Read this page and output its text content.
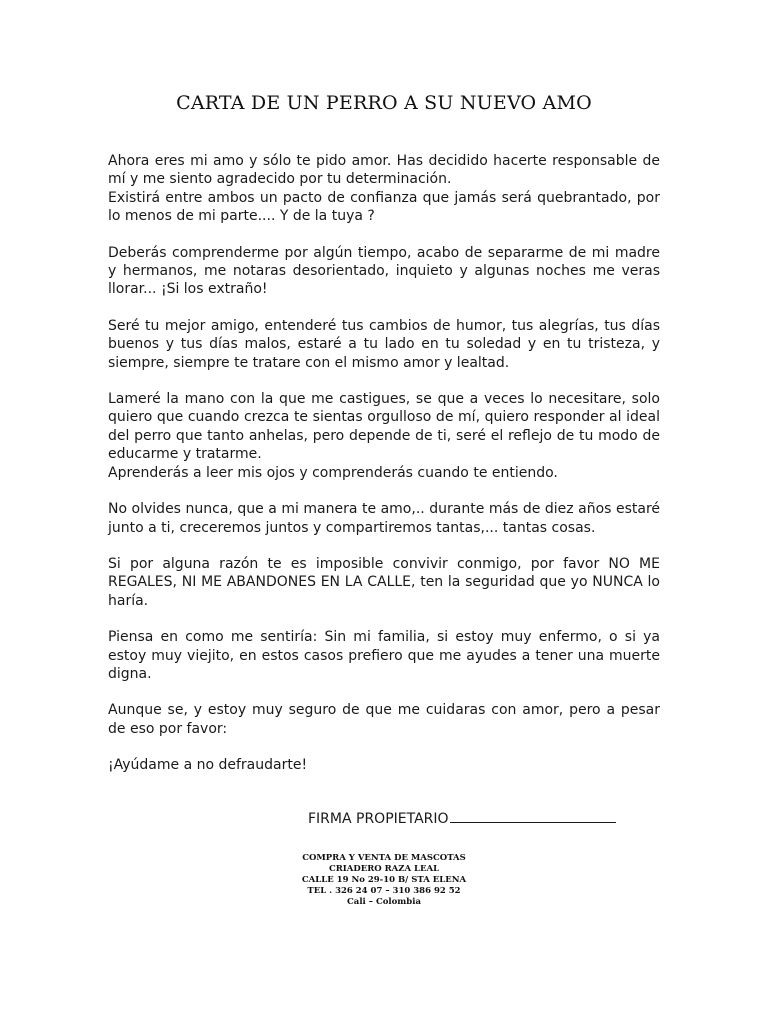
CARTA DE UN PERRO A SU NUEVO AMO

Ahora eres mi amo y sólo te pido amor. Has decidido hacerte responsable de mí y me siento agradecido por tu determinación.
Existirá entre ambos un pacto de confianza que jamás será quebrantado, por lo menos de mi parte.... Y de la tuya ?

Deberás comprenderme por algún tiempo, acabo de separarme de mi madre y hermanos, me notaras desorientado, inquieto y algunas noches me veras llorar... ¡Si los extraño!

Seré tu mejor amigo, entenderé tus cambios de humor, tus alegrías, tus días buenos y tus días malos, estaré a tu lado en tu soledad y en tu tristeza, y siempre, siempre te tratare con el mismo amor y lealtad.

Lameré la mano con la que me castigues, se que a veces lo necesitare, solo quiero que cuando crezca te sientas orgulloso de mí, quiero responder al ideal del perro que tanto anhelas, pero depende de ti, seré el reflejo de tu modo de educarme y tratarme.
Aprenderás a leer mis ojos y comprenderás cuando te entiendo.

No olvides nunca, que a mi manera te amo,.. durante más de diez años estaré junto a ti, creceremos juntos y compartiremos tantas,... tantas cosas.

Si por alguna razón te es imposible convivir conmigo, por favor NO ME REGALES, NI ME ABANDONES EN LA CALLE, ten la seguridad que yo NUNCA lo haría.

Piensa en como me sentiría: Sin mi familia, si estoy muy enfermo, o si ya estoy muy viejito, en estos casos prefiero que me ayudes a tener una muerte digna.

Aunque se, y estoy muy seguro de que me cuidaras con amor, pero a pesar de eso por favor:

¡Ayúdame a no defraudarte!

FIRMA PROPIETARIO
COMPRA Y VENTA DE MASCOTAS
CRIADERO RAZA LEAL
CALLE 19 No 29-10 B/ STA ELENA
TEL . 326 24 07 – 310 386 92 52
Cali – Colombia
